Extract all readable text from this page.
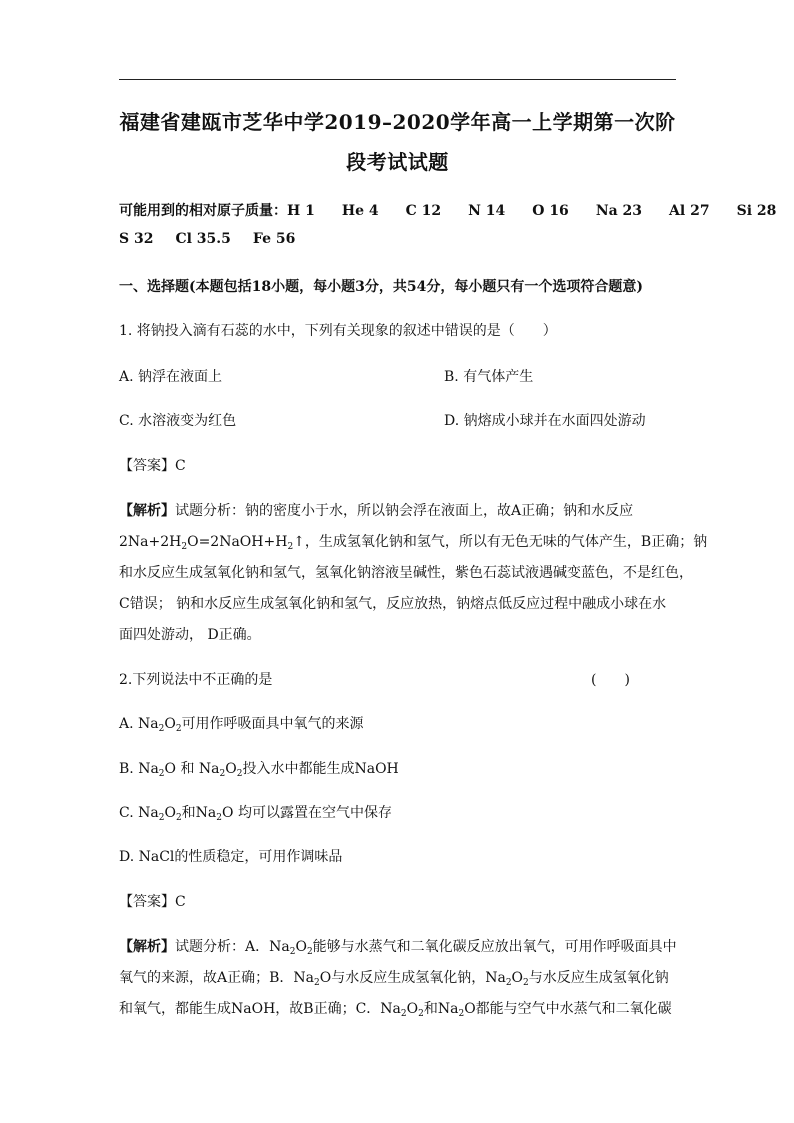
福建省建瓯市芝华中学2019–2020学年高一上学期第一次阶
段考试试题
可能用到的相对原子质量：H 1 He 4 C 12 N 14 O 16 Na 23 Al 27 Si 28
S 32 Cl 35.5 Fe 56
一、选择题(本题包括18小题，每小题3分，共54分，每小题只有一个选项符合题意)
1. 将钠投入滴有石蕊的水中，下列有关现象的叙述中错误的是（　　）
A. 钠浮在液面上	B. 有气体产生
C. 水溶液变为红色	D. 钠熔成小球并在水面四处游动
【答案】C
【解析】试题分析：钠的密度小于水，所以钠会浮在液面上，故A正确；钠和水反应
$2Na+2H_2O=2NaOH+H_2↑$，生成氢氧化钠和氢气，所以有无色无味的气体产生，B正确；钠
和水反应生成氢氧化钠和氢气，氢氧化钠溶液呈碱性，紫色石蕊试液遇碱变蓝色，不是红色，
C错误； 钠和水反应生成氢氧化钠和氢气，反应放热，钠熔点低反应过程中融成小球在水
面四处游动， D正确。
2.下列说法中不正确的是	(　　)
A. $Na_2O_2$可用作呼吸面具中氧气的来源
B. $Na_2O$ 和 $Na_2O_2$投入水中都能生成NaOH
C. $Na_2O_2$和$Na_2O$ 均可以露置在空气中保存
D. NaCl的性质稳定，可用作调味品
【答案】C
【解析】试题分析：A．$Na_2O_2$能够与水蒸气和二氧化碳反应放出氧气，可用作呼吸面具中
氧气的来源，故A正确；B．$Na_2O$与水反应生成氢氧化钠，$Na_2O_2$与水反应生成氢氧化钠
和氧气，都能生成NaOH，故B正确；C．$Na_2O_2$和$Na_2O$都能与空气中水蒸气和二氧化碳
